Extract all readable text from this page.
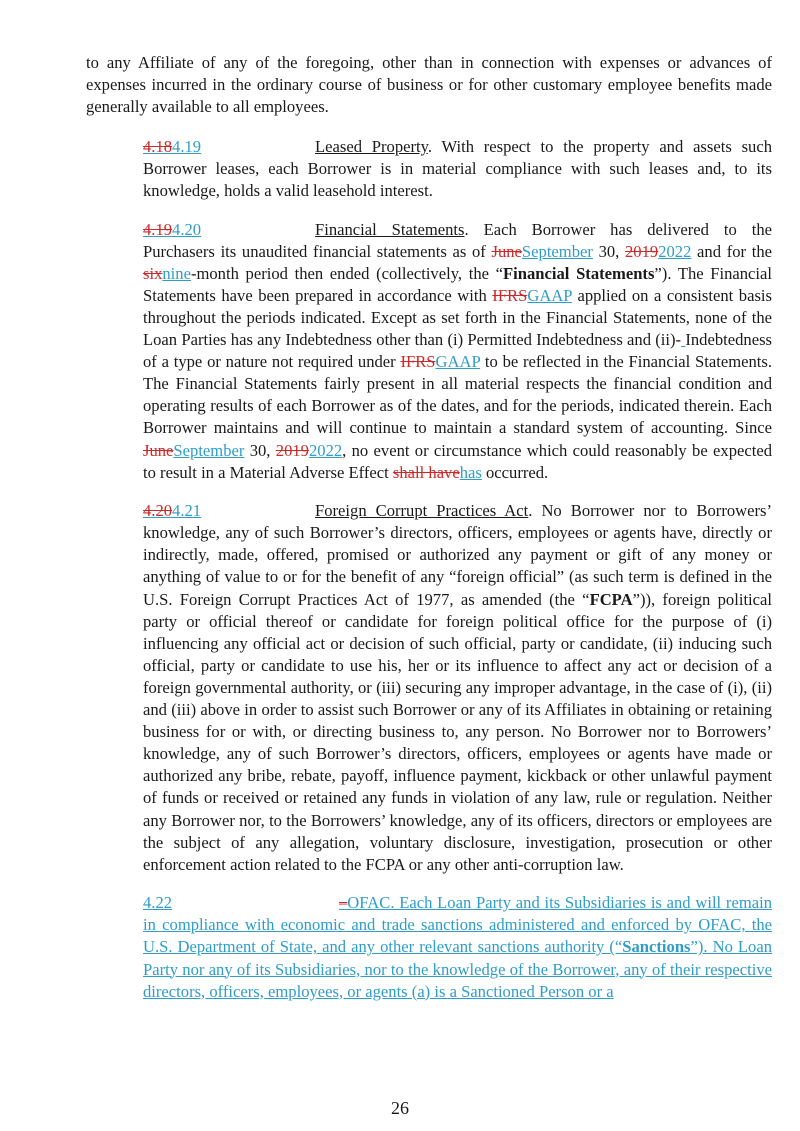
to any Affiliate of any of the foregoing, other than in connection with expenses or advances of expenses incurred in the ordinary course of business or for other customary employee benefits made generally available to all employees.

4.184.19	Leased Property. With respect to the property and assets such Borrower leases, each Borrower is in material compliance with such leases and, to its knowledge, holds a valid leasehold interest.

4.194.20	Financial Statements. Each Borrower has delivered to the Purchasers its unaudited financial statements as of JuneSeptember 30, 20192022 and for the sixnine-month period then ended (collectively, the “Financial Statements”). The Financial Statements have been prepared in accordance with IFRSGAAP applied on a consistent basis throughout the periods indicated. Except as set forth in the Financial Statements, none of the Loan Parties has any Indebtedness other than (i) Permitted Indebtedness and (ii)- Indebtedness of a type or nature not required under IFRSGAAP to be reflected in the Financial Statements. The Financial Statements fairly present in all material respects the financial condition and operating results of each Borrower as of the dates, and for the periods, indicated therein. Each Borrower maintains and will continue to maintain a standard system of accounting. Since JuneSeptember 30, 20192022, no event or circumstance which could reasonably be expected to result in a Material Adverse Effect shall havehas occurred.

4.204.21	Foreign Corrupt Practices Act. No Borrower nor to Borrowers’ knowledge, any of such Borrower’s directors, officers, employees or agents have, directly or indirectly, made, offered, promised or authorized any payment or gift of any money or anything of value to or for the benefit of any “foreign official” (as such term is defined in the U.S. Foreign Corrupt Practices Act of 1977, as amended (the “FCPA”)), foreign political party or official thereof or candidate for foreign political office for the purpose of (i) influencing any official act or decision of such official, party or candidate, (ii) inducing such official, party or candidate to use his, her or its influence to affect any act or decision of a foreign governmental authority, or (iii) securing any improper advantage, in the case of (i), (ii) and (iii) above in order to assist such Borrower or any of its Affiliates in obtaining or retaining business for or with, or directing business to, any person. No Borrower nor to Borrowers’ knowledge, any of such Borrower’s directors, officers, employees or agents have made or authorized any bribe, rebate, payoff, influence payment, kickback or other unlawful payment of funds or received or retained any funds in violation of any law, rule or regulation. Neither any Borrower nor, to the Borrowers’ knowledge, any of its officers, directors or employees are the subject of any allegation, voluntary disclosure, investigation, prosecution or other enforcement action related to the FCPA or any other anti-corruption law.

4.22	–OFAC. Each Loan Party and its Subsidiaries is and will remain in compliance with economic and trade sanctions administered and enforced by OFAC, the U.S. Department of State, and any other relevant sanctions authority (“Sanctions”). No Loan Party nor any of its Subsidiaries, nor to the knowledge of the Borrower, any of their respective directors, officers, employees, or agents (a) is a Sanctioned Person or a

26
